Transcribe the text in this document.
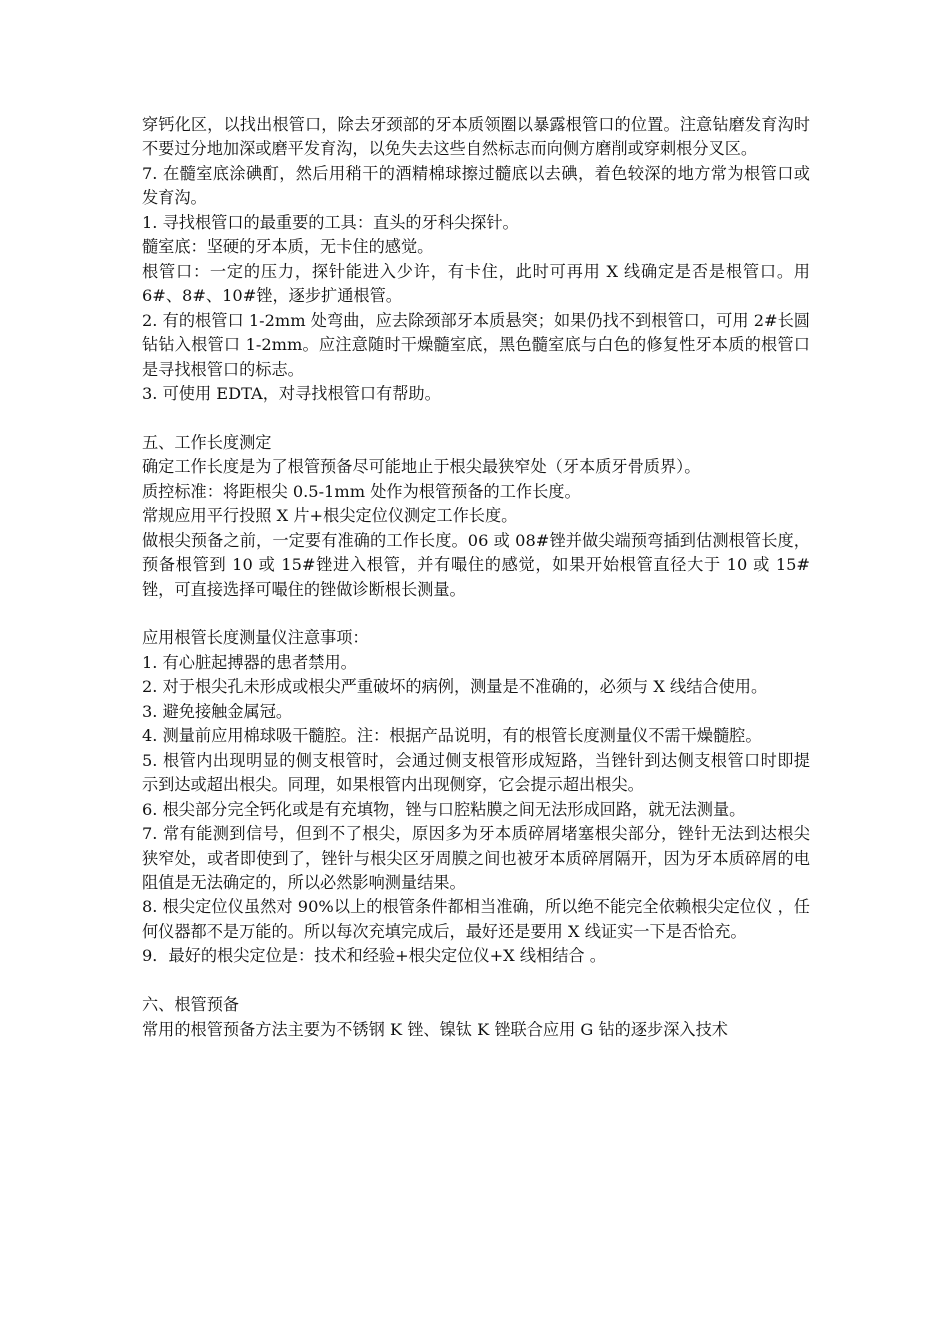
穿钙化区，以找出根管口，除去牙颈部的牙本质领圈以暴露根管口的位置。注意钻磨发育沟时不要过分地加深或磨平发育沟，以免失去这些自然标志而向侧方磨削或穿刺根分叉区。

7. 在髓室底涂碘酊，然后用稍干的酒精棉球擦过髓底以去碘，着色较深的地方常为根管口或发育沟。

1. 寻找根管口的最重要的工具：直头的牙科尖探针。

髓室底：坚硬的牙本质，无卡住的感觉。

根管口：一定的压力，探针能进入少许，有卡住，此时可再用 X 线确定是否是根管口。用 6#、8#、10#锉，逐步扩通根管。

2. 有的根管口 1-2mm 处弯曲，应去除颈部牙本质悬突；如果仍找不到根管口，可用 2#长圆钻钻入根管口 1-2mm。应注意随时干燥髓室底，黑色髓室底与白色的修复性牙本质的根管口是寻找根管口的标志。

3. 可使用 EDTA，对寻找根管口有帮助。

五、工作长度测定

确定工作长度是为了根管预备尽可能地止于根尖最狭窄处（牙本质牙骨质界）。

质控标准：将距根尖 0.5-1mm 处作为根管预备的工作长度。

常规应用平行投照 X 片+根尖定位仪测定工作长度。

做根尖预备之前，一定要有准确的工作长度。06 或 08#锉并做尖端预弯插到估测根管长度，预备根管到 10 或 15#锉进入根管，并有嘬住的感觉，如果开始根管直径大于 10 或 15#锉，可直接选择可嘬住的锉做诊断根长测量。

应用根管长度测量仪注意事项：

1. 有心脏起搏器的患者禁用。

2. 对于根尖孔未形成或根尖严重破坏的病例，测量是不准确的，必须与 X 线结合使用。

3. 避免接触金属冠。

4. 测量前应用棉球吸干髓腔。注：根据产品说明，有的根管长度测量仪不需干燥髓腔。

5. 根管内出现明显的侧支根管时，会通过侧支根管形成短路，当锉针到达侧支根管口时即提示到达或超出根尖。同理，如果根管内出现侧穿，它会提示超出根尖。

6. 根尖部分完全钙化或是有充填物，锉与口腔粘膜之间无法形成回路，就无法测量。

7. 常有能测到信号，但到不了根尖，原因多为牙本质碎屑堵塞根尖部分，锉针无法到达根尖狭窄处，或者即使到了，锉针与根尖区牙周膜之间也被牙本质碎屑隔开，因为牙本质碎屑的电阻值是无法确定的，所以必然影响测量结果。

8. 根尖定位仪虽然对 90%以上的根管条件都相当准确，所以绝不能完全依赖根尖定位仪 ，任何仪器都不是万能的。所以每次充填完成后，最好还是要用 X 线证实一下是否恰充。

9．最好的根尖定位是：技术和经验+根尖定位仪+X 线相结合 。

六、根管预备

常用的根管预备方法主要为不锈钢 K 锉、镍钛 K 锉联合应用 G 钻的逐步深入技术
